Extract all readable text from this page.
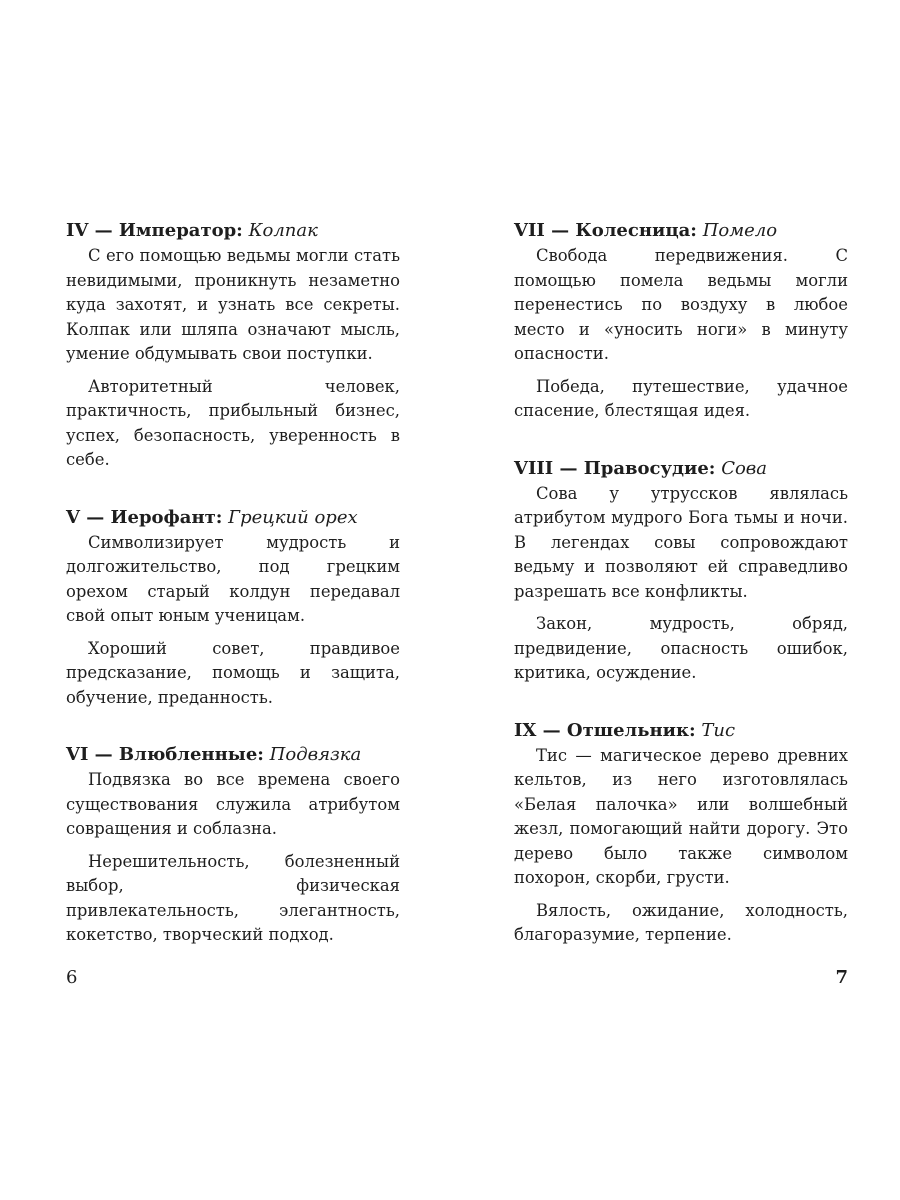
IV — Император: Колпак

С его помощью ведьмы могли стать невидимыми, проникнуть незаметно куда захотят, и узнать все секреты. Колпак или шляпа означают мысль, умение обдумывать свои поступки.

Авторитетный человек, практичность, прибыльный бизнес, успех, безопасность, уверенность в себе.

V — Иерофант: Грецкий орех

Символизирует мудрость и долгожительство, под грецким орехом старый колдун передавал свой опыт юным ученицам.

Хороший совет, правдивое предсказание, помощь и защита, обучение, преданность.

VI — Влюбленные: Подвязка

Подвязка во все времена своего существования служила атрибутом совращения и соблазна.

Нерешительность, болезненный выбор, физическая привлекательность, элегантность, кокетство, творческий подход.

6
VII — Колесница: Помело

Свобода передвижения. С помощью помела ведьмы могли перенестись по воздуху в любое место и «уносить ноги» в минуту опасности.

Победа, путешествие, удачное спасение, блестящая идея.

VIII — Правосудие: Сова

Сова у утрусcков являлась атрибутом мудрого Бога тьмы и ночи. В легендах совы сопровождают ведьму и позволяют ей справедливо разрешать все конфликты.

Закон, мудрость, обряд, предвидение, опасность ошибок, критика, осуждение.

IX — Отшельник: Тис

Тис — магическое дерево древних кельтов, из него изготовлялась «Белая палочка» или волшебный жезл, помогающий найти дорогу. Это дерево было также символом похорон, скорби, грусти.

Вялость, ожидание, холодность, благоразумие, терпение.

7
